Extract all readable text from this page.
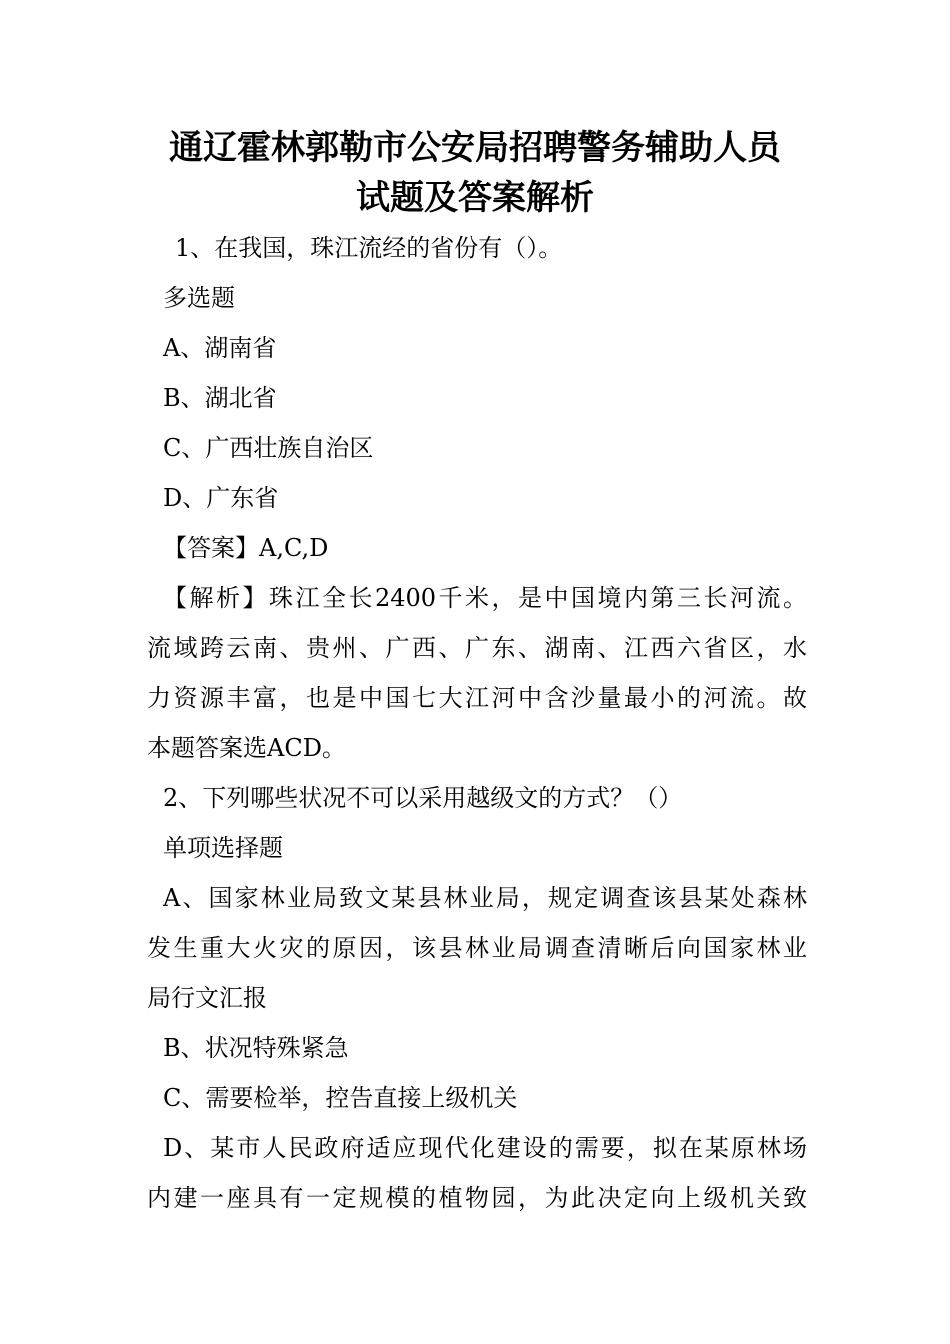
通辽霍林郭勒市公安局招聘警务辅助人员
试题及答案解析
1、在我国，珠江流经的省份有（）。
多选题
A、湖南省
B、湖北省
C、广西壮族自治区
D、广东省
【答案】A,C,D
【解析】珠江全长2400千米，是中国境内第三长河流。
流域跨云南、贵州、广西、广东、湖南、江西六省区，水
力资源丰富，也是中国七大江河中含沙量最小的河流。故
本题答案选ACD。
2、下列哪些状况不可以采用越级文的方式？（）
单项选择题
A、国家林业局致文某县林业局，规定调查该县某处森林
发生重大火灾的原因，该县林业局调查清晰后向国家林业
局行文汇报
B、状况特殊紧急
C、需要检举，控告直接上级机关
D、某市人民政府适应现代化建设的需要，拟在某原林场
内建一座具有一定规模的植物园，为此决定向上级机关致
